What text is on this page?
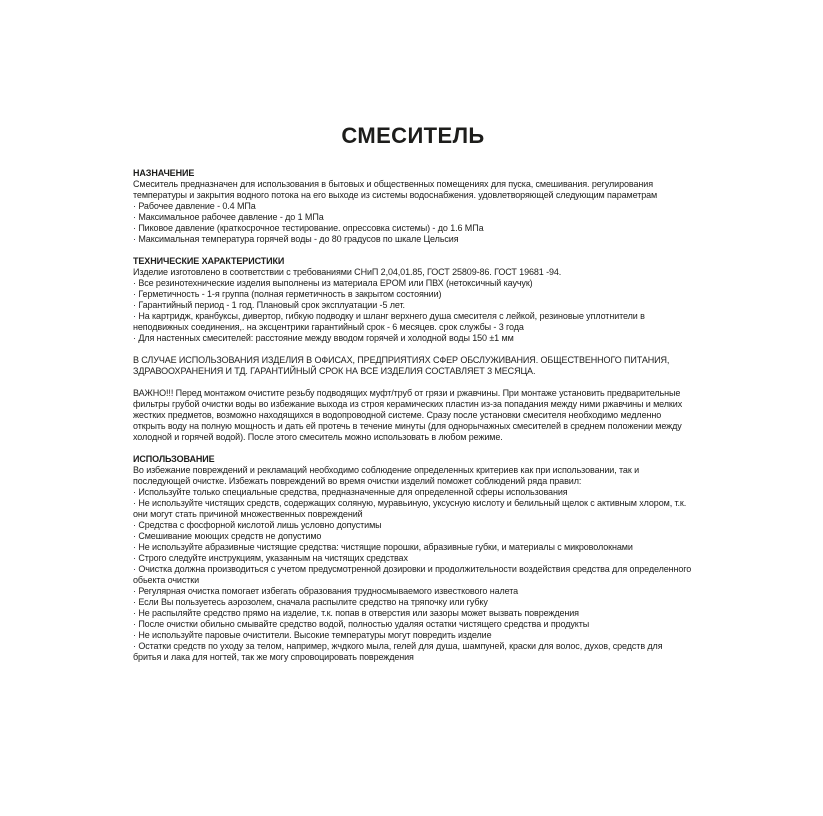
СМЕСИТЕЛЬ
НАЗНАЧЕНИЕ

Смеситель предназначен для использования в бытовых и общественных помещениях для пуска, смешивания. регулирования температуры и закрытия водного потока на его выходе из системы водоснабжения. удовлетворяющей следующим параметрам

· Рабочее давление - 0.4 МПа
· Максимальное рабочее давление - до 1 МПа
· Пиковое давление (краткосрочное тестирование. опрессовка системы) - до 1.6 МПа
· Максимальная температура горячей воды - до 80 градусов по шкале Цельсия
ТЕХНИЧЕСКИЕ ХАРАКТЕРИСТИКИ

Изделие изготовлено в соответствии с требованиями СНиП 2,04,01.85, ГОСТ 25809-86. ГОСТ 19681 -94.

· Все резинотехнические изделия выполнены из материала EPOM или ПВХ (нетоксичный каучук)
· Герметичность - 1-я группа (полная герметичность в закрытом состоянии)
· Гарантийный период - 1 год. Плановый срок эксплуатации -5 лет.
· На картридж, кранбуксы, дивертор, гибкую подводку и шланг верхнего душа смесителя с лейкой, резиновые уплотнители в неподвижных соединения,. на эксцентрики гарантийный срок - 6 месяцев. срок службы - 3 года
· Для настенных смесителей: расстояние между вводом горячей и холодной воды 150 ±1 мм

В СЛУЧАЕ ИСПОЛЬЗОВАНИЯ ИЗДЕЛИЯ В ОФИСАХ, ПРЕДПРИЯТИЯХ СФЕР ОБСЛУЖИВАНИЯ. ОБЩЕСТВЕННОГО ПИТАНИЯ, ЗДРАВООХРАНЕНИЯ И ТД. ГАРАНТИЙНЫЙ СРОК НА ВСЕ ИЗДЕЛИЯ СОСТАВЛЯЕТ 3 МЕСЯЦА.

ВАЖНО!!! Перед монтажом очистите резьбу подводящих муфт/труб от грязи и ржавчины. При монтаже установить предварительные фильтры грубой очистки воды во избежание выхода из строя керамических пластин из-за попадания между ними ржавчины и мелких жестких предметов, возможно находящихся в водопроводной системе. Сразу после установки смесителя необходимо медленно открыть воду на полную мощность и дать ей протечь в течение минуты (для однорычажных смесителей в среднем положении между холодной и горячей водой). После этого смеситель можно использовать в любом режиме.

ИСПОЛЬЗОВАНИЕ

Во избежание повреждений и рекламаций необходимо соблюдение определенных критериев как при использовании, так и последующей очистке. Избежать повреждений во время очистки изделий поможет соблюдений ряда правил:

· Используйте только специальные средства, предназначенные для определенной сферы использования
· Не используйте чистящих средств, содержащих соляную, муравьиную, уксусную кислоту и белильный щелок с активным хлором, т.к. они могут стать причиной множественных повреждений
· Средства с фосфорной кислотой лишь условно допустимы
· Смешивание моющих средств не допустимо
· Не используйте абразивные чистящие средства: чистящие порошки, абразивные губки, и материалы с микроволокнами
· Строго следуйте инструкциям, указанным на чистящих средствах
· Очистка должна производиться с учетом предусмотренной дозировки и продолжительности воздействия средства для определенного обьекта очистки
· Регулярная очистка помогает избегать образования трудносмываемого известкового налета
· Если Вы пользуетесь аэрозолем, сначала распылите средство на тряпочку или губку
· Не распыляйте средство прямо на изделие, т.к. попав в отверстия или зазоры может вызвать повреждения
· После очистки обильно смывайте средство водой, полностью удаляя остатки чистящего средства и продукты
· Не используйте паровые очистители. Высокие температуры могут повредить изделие
· Остатки средств по уходу за телом, например, жчдкого мыла, гелей для душа, шампуней, краски для волос, духов, средств для бритья и лака для ногтей, так же могу спровоцировать повреждения
